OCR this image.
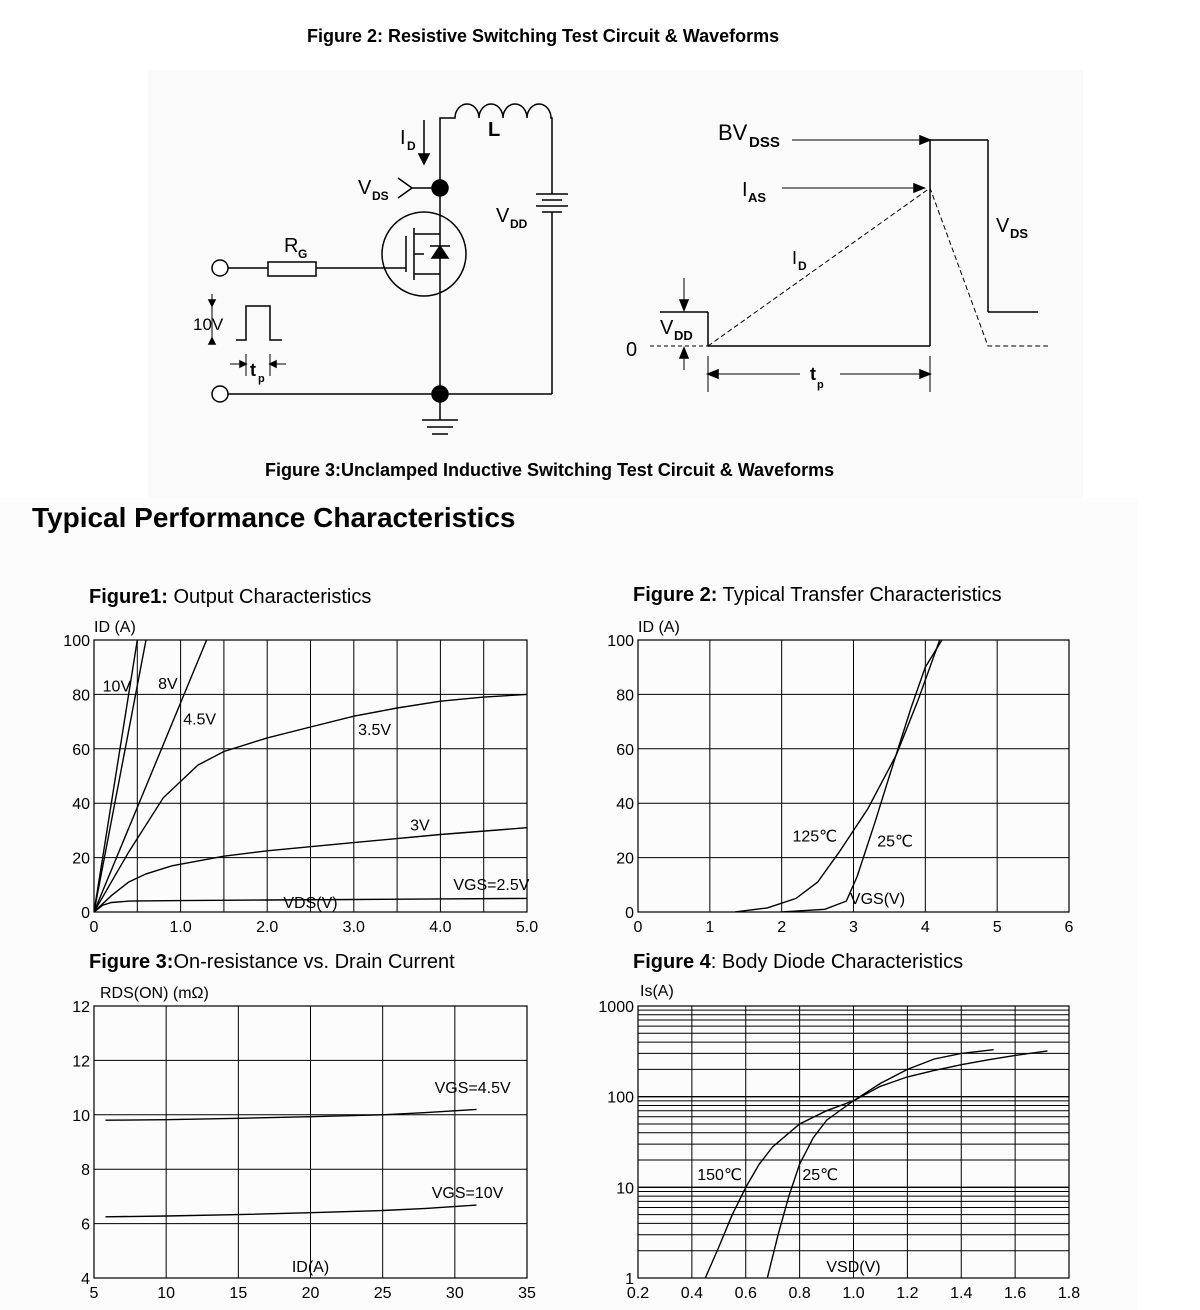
Figure 2: Resistive Switching Test Circuit & Waveforms
Figure 3:Unclamped Inductive Switching Test Circuit & Waveforms
Typical Performance Characteristics
I D
V DS
L
V DD
R G
10V
t p
BV DSS
I AS
I D
V DS
V DD
0
t
p
Figure1: Output Characteristics	Figure 2: Typical Transfer Characteristics
Figure 3:On-resistance vs. Drain Current	Figure 4: Body Diode Characteristics
1.0	2.0	3.0	4.0	5.0
0
0
20
40
60
80
100
ID (A)
VDS(V)
10V 8V
4.5V
3.5V
3V
VGS=2.5V
0	1	2	3	4	5	6
0
20
40
60
80
100
ID (A)
125℃	25℃
VGS(V)
5	10	15	20	25	30	35
4
6
8
10
12
12
RDS(ON) (mΩ)
ID(A)
VGS=4.5V
VGS=10V
0.2 0.4 0.6 0.8 1.0 1.2 1.4 1.6 1.8
1
10
100
1000
Is(A)
VSD(V)
150℃	25℃
